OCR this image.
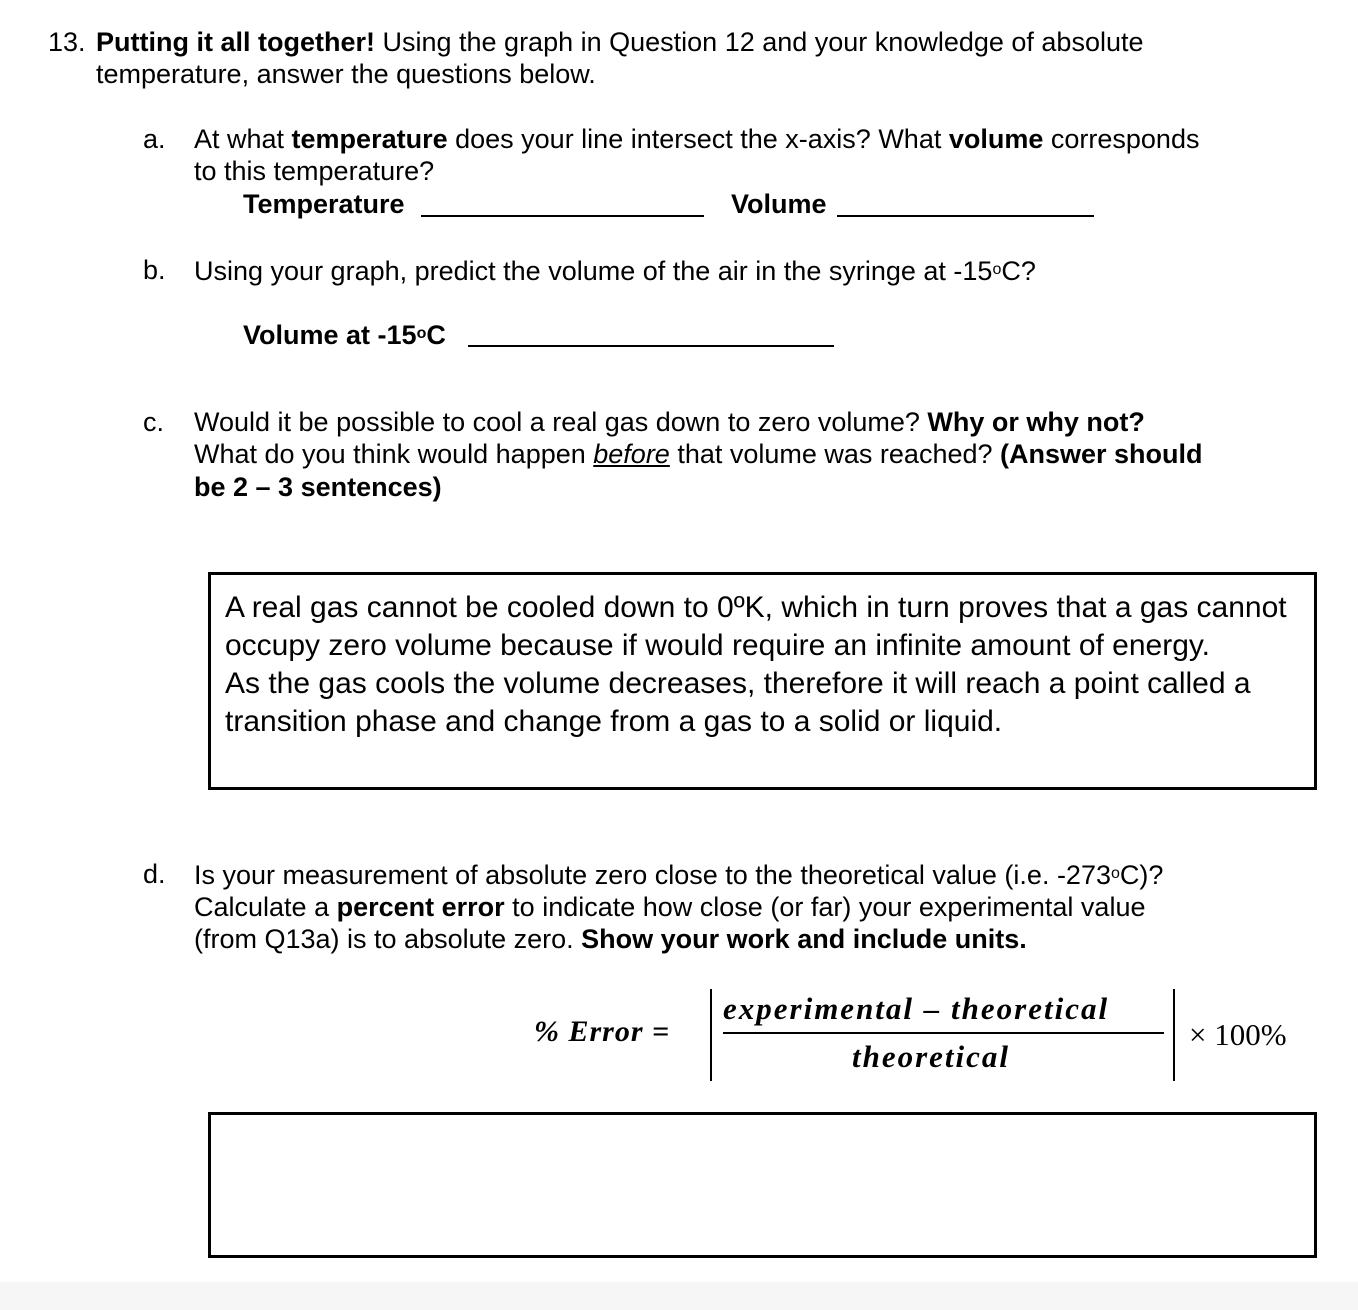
13. Putting it all together! Using the graph in Question 12 and your knowledge of absolute
temperature, answer the questions below.
a. At what temperature does your line intersect the x-axis? What volume corresponds
to this temperature?
Temperature	Volume
b. Using your graph, predict the volume of the air in the syringe at -15$^o$C?
Volume at -15$^o$C
c. Would it be possible to cool a real gas down to zero volume? Why or why not?
What do you think would happen before that volume was reached? (Answer should
be 2 – 3 sentences)
A real gas cannot be cooled down to 0ºK, which in turn proves that a gas cannot occupy zero volume because if would require an infinite amount of energy.
As the gas cools the volume decreases, therefore it will reach a point called a transition phase and change from a gas to a solid or liquid.
d. Is your measurement of absolute zero close to the theoretical value (i.e. -273$^o$C)?
Calculate a percent error to indicate how close (or far) your experimental value
(from Q13a) is to absolute zero. Show your work and include units.
% Error =
experimental – theoretical
theoretical
× 100%
